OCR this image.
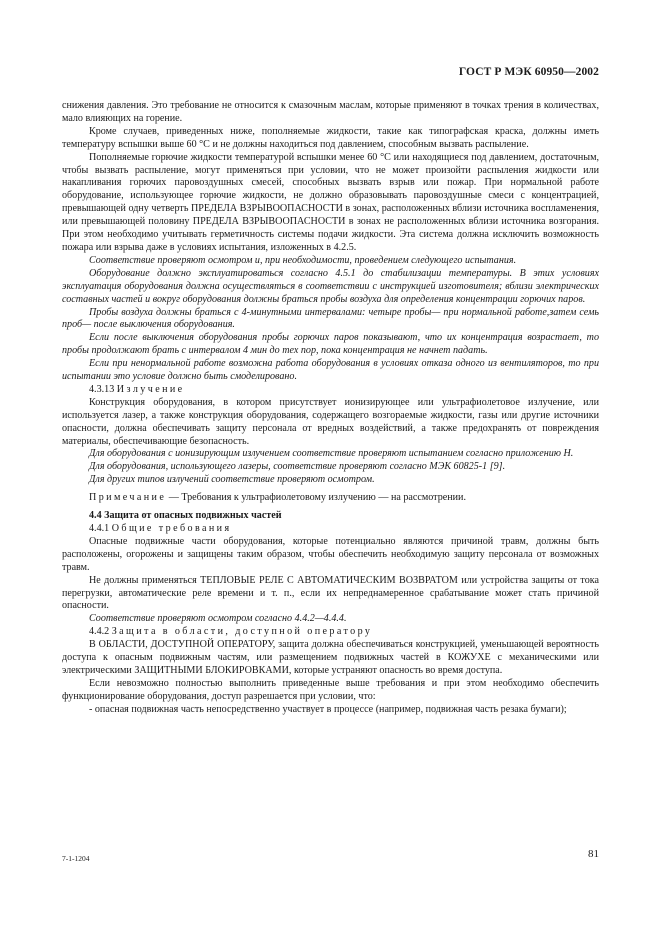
ГОСТ Р МЭК 60950—2002

снижения давления. Это требование не относится к смазочным маслам, которые применяют в точках трения в количествах, мало влияющих на горение.

Кроме случаев, приведенных ниже, пополняемые жидкости, такие как типографская краска, должны иметь температуру вспышки выше 60 °С и не должны находиться под давлением, способным вызвать распыление.

Пополняемые горючие жидкости температурой вспышки менее 60 °С или находящиеся под давлением, достаточным, чтобы вызвать распыление, могут применяться при условии, что не может произойти распыления жидкости или накапливания горючих паровоздушных смесей, способных вызвать взрыв или пожар. При нормальной работе оборудование, использующее горючие жидкости, не должно образовывать паровоздушные смеси с концентрацией, превышающей одну четверть ПРЕДЕЛА ВЗРЫВООПАСНОСТИ в зонах, расположенных вблизи источника воспламенения, или превышающей половину ПРЕДЕЛА ВЗРЫВООПАСНОСТИ в зонах не расположенных вблизи источника возгорания. При этом необходимо учитывать герметичность системы подачи жидкости. Эта система должна исключить возможность пожара или взрыва даже в условиях испытания, изложенных в 4.2.5.

Соответствие проверяют осмотром и, при необходимости, проведением следующего испытания.

Оборудование должно эксплуатироваться согласно 4.5.1 до стабилизации температуры. В этих условиях эксплуатация оборудования должна осуществляться в соответствии с инструкцией изготовителя; вблизи электрических составных частей и вокруг оборудования должны браться пробы воздуха для определения концентрации горючих паров.

Пробы воздуха должны браться с 4-минутными интервалами: четыре пробы— при нормальной работе,затем семь проб— после выключения оборудования.

Если после выключения оборудования пробы горючих паров показывают, что их концентрация возрастает, то пробы продолжают брать с интервалом 4 мин до тех пор, пока концентрация не начнет падать.

Если при ненормальной работе возможна работа оборудования в условиях отказа одного из вентиляторов, то при испытании это условие должно быть смоделировано.

4.3.13 Излучение

Конструкция оборудования, в котором присутствует ионизирующее или ультрафиолетовое излучение, или используется лазер, а также конструкция оборудования, содержащего возгораемые жидкости, газы или другие источники опасности, должна обеспечивать защиту персонала от вредных воздействий, а также предохранять от повреждения материалы, обеспечивающие безопасность.

Для оборудования с ионизирующим излучением соответствие проверяют испытанием согласно приложению Н.

Для оборудования, использующего лазеры, соответствие проверяют согласно МЭК 60825-1 [9].

Для других типов излучений соответствие проверяют осмотром.

Примечание — Требования к ультрафиолетовому излучению — на рассмотрении.

4.4 Защита от опасных подвижных частей

4.4.1 Общие требования

Опасные подвижные части оборудования, которые потенциально являются причиной травм, должны быть расположены, огорожены и защищены таким образом, чтобы обеспечить необходимую защиту персонала от возможных травм.

Не должны применяться ТЕПЛОВЫЕ РЕЛЕ С АВТОМАТИЧЕСКИМ ВОЗВРАТОМ или устройства защиты от тока перегрузки, автоматические реле времени и т. п., если их непреднамеренное срабатывание может стать причиной опасности.

Соответствие проверяют осмотром согласно 4.4.2—4.4.4.

4.4.2 Защита в области, доступной оператору

В ОБЛАСТИ, ДОСТУПНОЙ ОПЕРАТОРУ, защита должна обеспечиваться конструкцией, уменьшающей вероятность доступа к опасным подвижным частям, или размещением подвижных частей в КОЖУХЕ с механическими или электрическими ЗАЩИТНЫМИ БЛОКИРОВКАМИ, которые устраняют опасность во время доступа.

Если невозможно полностью выполнить приведенные выше требования и при этом необходимо обеспечить функционирование оборудования, доступ разрешается при условии, что:

- опасная подвижная часть непосредственно участвует в процессе (например, подвижная часть резака бумаги);

7-1-1204	81
